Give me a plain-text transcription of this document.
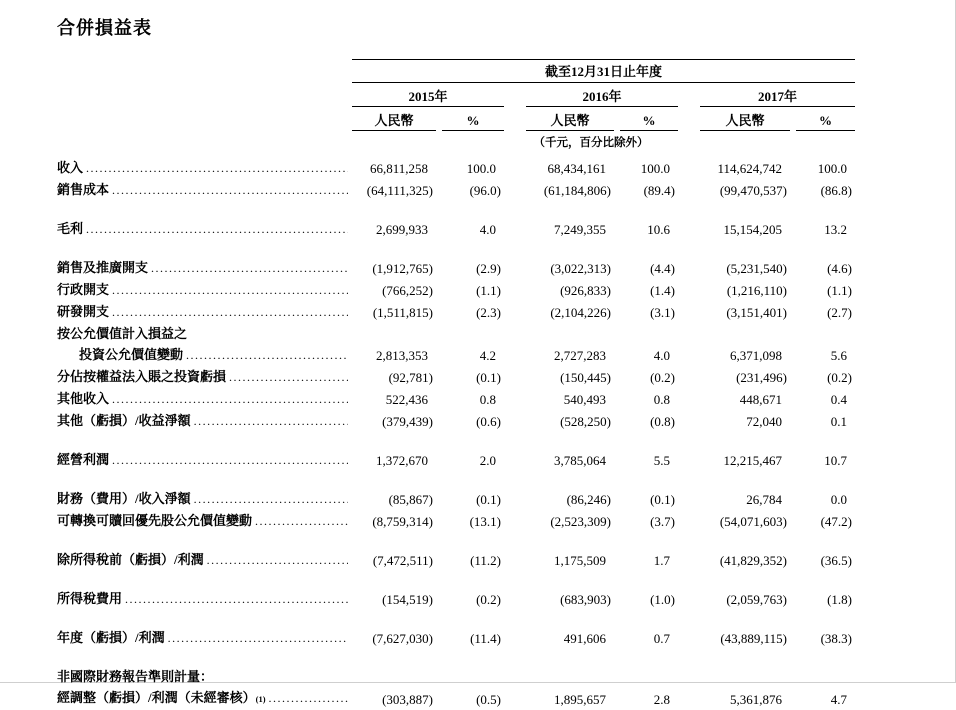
合併損益表
截至12月31日止年度
2015年	2016年	2017年
人民幣	%	人民幣	%	人民幣	%
（千元，百分比除外）
收入 .....	66,811,258	100.0	68,434,161	100.0	114,624,742	100.0
銷售成本 .....	(64,111,325)	(96.0)	(61,184,806)	(89.4)	(99,470,537)	(86.8)
毛利 .....	2,699,933	4.0	7,249,355	10.6	15,154,205	13.2
銷售及推廣開支 .....	(1,912,765)	(2.9)	(3,022,313)	(4.4)	(5,231,540)	(4.6)
行政開支 .....	(766,252)	(1.1)	(926,833)	(1.4)	(1,216,110)	(1.1)
研發開支 .....	(1,511,815)	(2.3)	(2,104,226)	(3.1)	(3,151,401)	(2.7)
按公允價值計入損益之
投資公允價值變動 .....	2,813,353	4.2	2,727,283	4.0	6,371,098	5.6
分佔按權益法入賬之投資虧損 .....	(92,781)	(0.1)	(150,445)	(0.2)	(231,496)	(0.2)
其他收入 .....	522,436	0.8	540,493	0.8	448,671	0.4
其他（虧損）/收益淨額 .....	(379,439)	(0.6)	(528,250)	(0.8)	72,040	0.1
經營利潤 .....	1,372,670	2.0	3,785,064	5.5	12,215,467	10.7
財務（費用）/收入淨額 .....	(85,867)	(0.1)	(86,246)	(0.1)	26,784	0.0
可轉換可贖回優先股公允價值變動 .....	(8,759,314)	(13.1)	(2,523,309)	(3.7)	(54,071,603)	(47.2)
除所得稅前（虧損）/利潤 .....	(7,472,511)	(11.2)	1,175,509	1.7	(41,829,352)	(36.5)
所得稅費用 .....	(154,519)	(0.2)	(683,903)	(1.0)	(2,059,763)	(1.8)
年度（虧損）/利潤 .....	(7,627,030)	(11.4)	491,606	0.7	(43,889,115)	(38.3)
非國際財務報告準則計量：
經調整（虧損）/利潤（未經審核） (1) .....	(303,887)	(0.5)	1,895,657	2.8	5,361,876	4.7
